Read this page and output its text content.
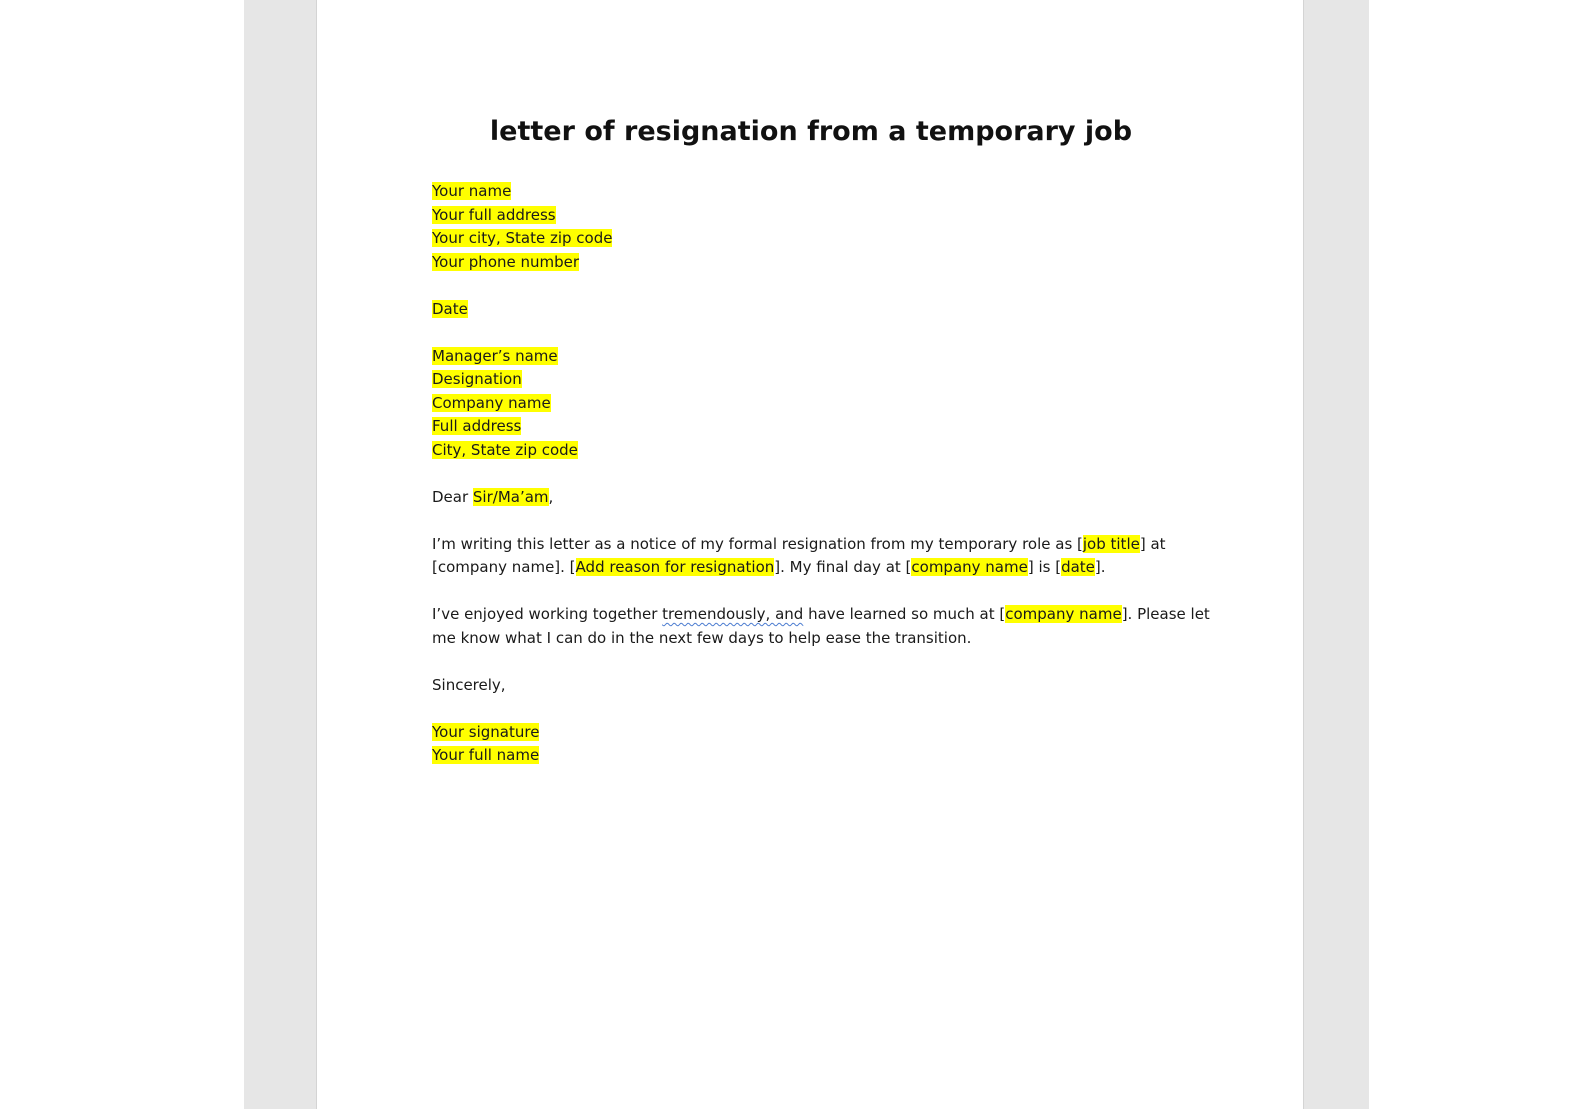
letter of resignation from a temporary job
Your name
Your full address
Your city, State zip code
Your phone number
Date
Manager’s name
Designation
Company name
Full address
City, State zip code
Dear Sir/Ma’am,
I’m writing this letter as a notice of my formal resignation from my temporary role as [job title] at
[company name]. [Add reason for resignation]. My final day at [company name] is [date].
I’ve enjoyed working together tremendously, and have learned so much at [company name]. Please let
me know what I can do in the next few days to help ease the transition.
Sincerely,
Your signature
Your full name
